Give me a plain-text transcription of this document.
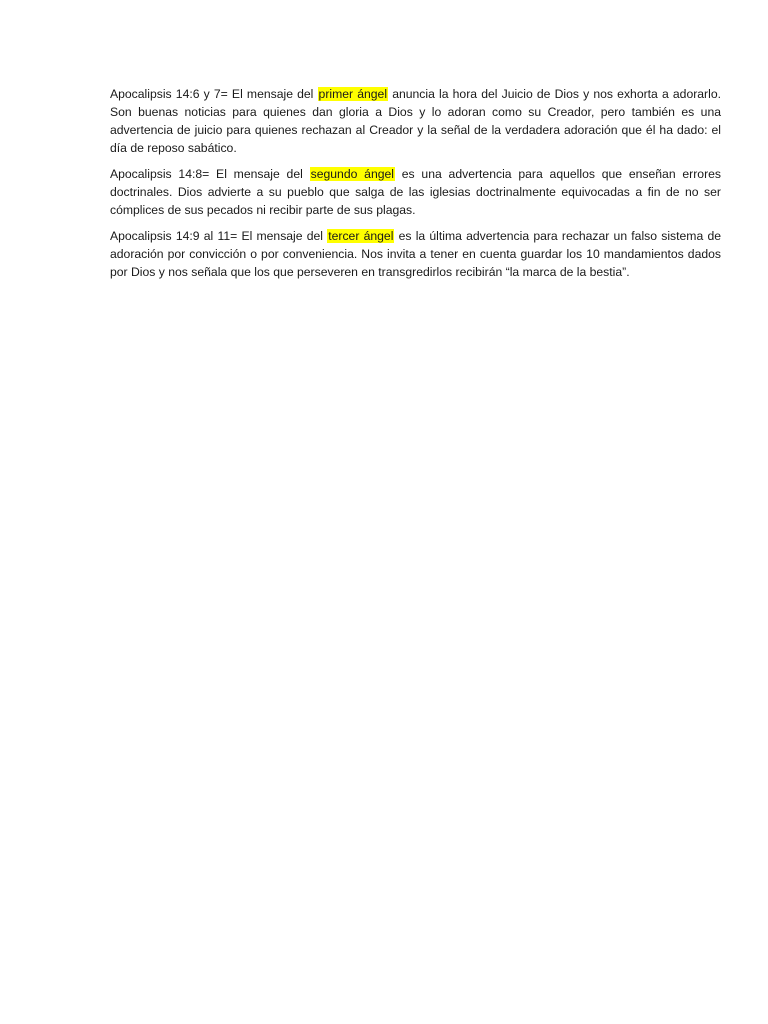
Apocalipsis 14:6 y 7= El mensaje del primer ángel anuncia la hora del Juicio de Dios y nos exhorta a adorarlo. Son buenas noticias para quienes dan gloria a Dios y lo adoran como su Creador, pero también es una advertencia de juicio para quienes rechazan al Creador y la señal de la verdadera adoración que él ha dado: el día de reposo sabático.

Apocalipsis 14:8= El mensaje del segundo ángel es una advertencia para aquellos que enseñan errores doctrinales. Dios advierte a su pueblo que salga de las iglesias doctrinalmente equivocadas a fin de no ser cómplices de sus pecados ni recibir parte de sus plagas.

Apocalipsis 14:9 al 11= El mensaje del tercer ángel es la última advertencia para rechazar un falso sistema de adoración por convicción o por conveniencia. Nos invita a tener en cuenta guardar los 10 mandamientos dados por Dios y nos señala que los que perseveren en transgredirlos recibirán “la marca de la bestia”.
